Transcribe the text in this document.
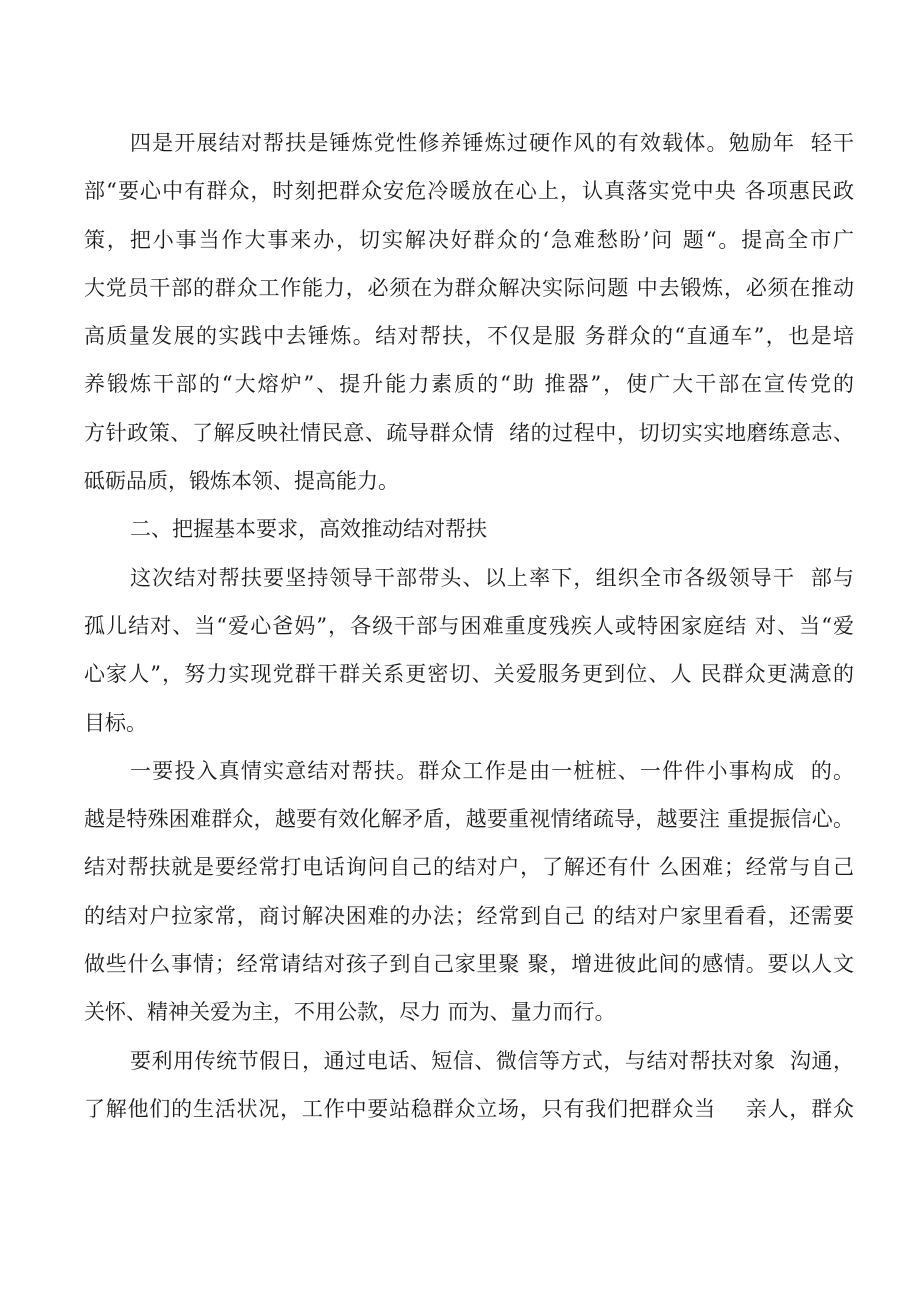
四是开展结对帮扶是锤炼党性修养锤炼过硬作风的有效载体。勉励年  轻干
部“要心中有群众，时刻把群众安危冷暖放在心上，认真落实党中央 各项惠民政
策，把小事当作大事来办，切实解决好群众的‘急难愁盼’问 题“。提高全市广
大党员干部的群众工作能力，必须在为群众解决实际问题 中去锻炼，必须在推动
高质量发展的实践中去锤炼。结对帮扶，不仅是服 务群众的“直通车”，也是培
养锻炼干部的“大熔炉”、提升能力素质的“助 推器”，使广大干部在宣传党的
方针政策、了解反映社情民意、疏导群众情  绪的过程中，切切实实地磨练意志、
砥砺品质，锻炼本领、提高能力。
二、把握基本要求，高效推动结对帮扶
这次结对帮扶要坚持领导干部带头、以上率下，组织全市各级领导干  部与
孤儿结对、当“爱心爸妈”，各级干部与困难重度残疾人或特困家庭结 对、当“爱
心家人”，努力实现党群干群关系更密切、关爱服务更到位、人 民群众更满意的
目标。
一要投入真情实意结对帮扶。群众工作是由一桩桩、一件件小事构成  的。
越是特殊困难群众，越要有效化解矛盾，越要重视情绪疏导，越要注 重提振信心。
结对帮扶就是要经常打电话询问自己的结对户，了解还有什 么困难；经常与自己
的结对户拉家常，商讨解决困难的办法；经常到自己 的结对户家里看看，还需要
做些什么事情；经常请结对孩子到自己家里聚 聚，增进彼此间的感情。要以人文
关怀、精神关爱为主，不用公款，尽力 而为、量力而行。
要利用传统节假日，通过电话、短信、微信等方式，与结对帮扶对象  沟通，
了解他们的生活状况，工作中要站稳群众立场，只有我们把群众当    亲人，群众
